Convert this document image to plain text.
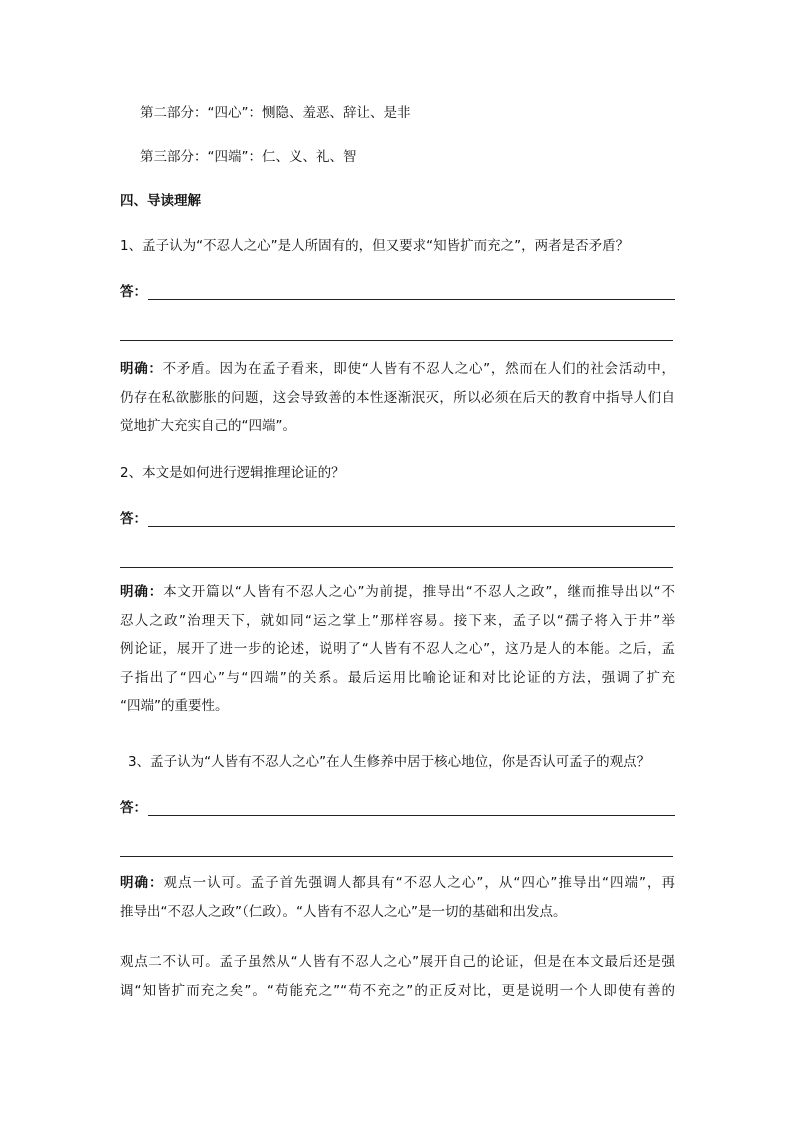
第二部分：“四心”：恻隐、羞恶、辞让、是非
第三部分：“四端”：仁、义、礼、智
四、导读理解
1、孟子认为“不忍人之心”是人所固有的，但又要求“知皆扩而充之”，两者是否矛盾？
答：
明确：不矛盾。因为在孟子看来，即使“人皆有不忍人之心”，然而在人们的社会活动中，
仍存在私欲膨胀的问题，这会导致善的本性逐渐泯灭，所以必须在后天的教育中指导人们自
觉地扩大充实自己的“四端”。
2、本文是如何进行逻辑推理论证的？
答：
明确：本文开篇以“人皆有不忍人之心”为前提，推导出“不忍人之政”，继而推导出以“不
忍人之政”治理天下，就如同“运之掌上”那样容易。接下来，孟子以“孺子将入于井”举
例论证，展开了进一步的论述，说明了“人皆有不忍人之心”，这乃是人的本能。之后，孟
子指出了“四心”与“四端”的关系。最后运用比喻论证和对比论证的方法，强调了扩充
“四端”的重要性。
3、孟子认为“人皆有不忍人之心”在人生修养中居于核心地位，你是否认可孟子的观点？
答：
明确：观点一认可。孟子首先强调人都具有“不忍人之心”，从“四心”推导出“四端”，再
推导出“不忍人之政”（仁政）。“人皆有不忍人之心”是一切的基础和出发点。
观点二不认可。孟子虽然从“人皆有不忍人之心”展开自己的论证，但是在本文最后还是强
调“知皆扩而充之矣”。“苟能充之”“苟不充之”的正反对比，更是说明一个人即使有善的
